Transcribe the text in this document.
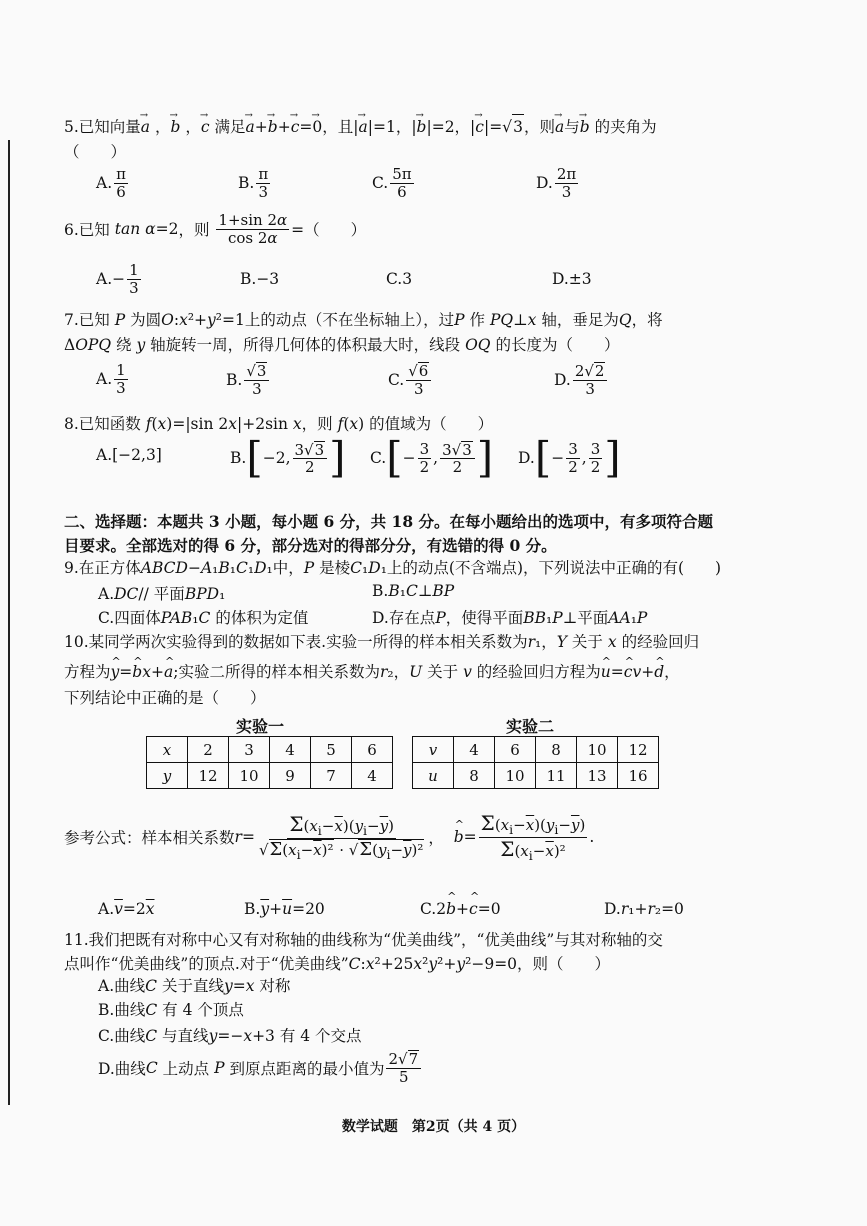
5.已知向量→ a ，→ b ，→ c 满足→ a+→ b+→ c=→ 0，且|→ a|=1，|→ b|=2，|→ c|=√3，则→ a与→ b 的夹角为
（　　）
A. $\frac{\pi}{6}$	B. $\frac{\pi}{3}$	C. $\frac{5\pi}{6}$	D. $\frac{2\pi}{3}$
6.已知
tan α =2 ，则
$\frac{1+\sin 2\alpha}{\cos 2\alpha}$ =（　　）
A. − $\frac{1}{3}$	B.−3	C.3	D.±3
7.已知 P 为圆O:x²+y²=1上的动点（不在坐标轴上），过P 作 PQ⊥x 轴，垂足为Q，将
ΔOPQ 绕 y 轴旋转一周，所得几何体的体积最大时，线段 OQ 的长度为（　　）
A. $\frac{1}{3}$	B. $\frac{√3}{3}$	C. $\frac{√6}{3}$	D. $\frac{2√2}{3}$
8.已知函数 f(x)=|sin 2x|+2sin x，则 f(x) 的值域为（　　）
A. [−2,3]	B. [ −2, $\frac{3√3}{2}$ ] C. [ − $\frac{3}{2}$ , $\frac{3√3}{2}$ ] D. [ − $\frac{3}{2}$ , $\frac{3}{2}$ ]
二、选择题：本题共 3 小题，每小题 6 分，共 18 分。在每小题给出的选项中，有多项符合题
目要求。全部选对的得 6 分，部分选对的得部分分，有选错的得 0 分。
9.在正方体ABCD−A₁B₁C₁D₁中，P 是棱C₁D₁上的动点(不含端点)，下列说法中正确的有(　　)
A.DC// 平面BPD₁	B.B₁C⊥BP
C.四面体PAB₁C 的体积为定值	D.存在点P，使得平面BB₁P⊥平面AA₁P
10.某同学两次实验得到的数据如下表.实验一所得的样本相关系数为r₁，Y 关于 x 的经验回归
方程为^ y=^ bx+^ a;实验二所得的样本相关系数为r₂，U 关于 v 的经验回归方程为^ u=^ cv+^ d，
下列结论中正确的是（　　）
实验一	实验二
x	2	3	4	5	6
y	12	10	9	7	4
v	4	6	8	10	12
u	8	10	11	13	16
参考公式：样本相关系数 $r = \frac{\Sigma(x_i-\overline{x})(y_i-\overline{y})}{√\Sigma(x_i-\overline{x})^2 \cdot √\Sigma(y_i-\overline{y})^2}$ ， ^ $b = \frac{\Sigma(x_i-\overline{x})(y_i-\overline{y})}{\Sigma(x_i-\overline{x})^2}$ .
$A.\overline{v}=2\overline{x}$	$B.\overline{y}+\overline{u}=20$	C.2^ b+^ c=0	D.r₁+r₂=0
11.我们把既有对称中心又有对称轴的曲线称为“优美曲线”，“优美曲线”与其对称轴的交
点叫作“优美曲线”的顶点.对于“优美曲线”C:x²+25x²y²+y²−9=0，则（　　）
A.曲线C 关于直线y=x 对称
B.曲线C 有 4 个顶点
C.曲线C 与直线y=−x+3 有 4 个交点
D.曲线 C
上动点
P
到原点距离的最小值为 $\frac{2√7}{5}$
数学试题　第2页（共 4 页）
